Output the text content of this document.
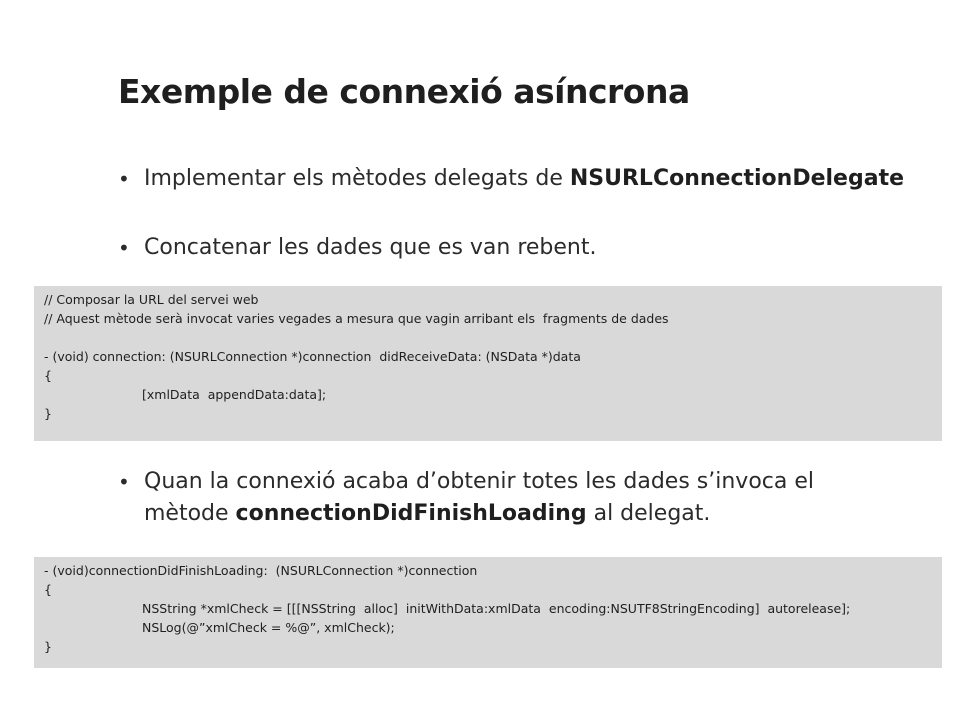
Exemple de connexió asíncrona
• Implementar els mètodes delegats de NSURLConnectionDelegate
• Concatenar les dades que es van rebent.
// Composar la URL del servei web
// Aquest mètode serà invocat varies vegades a mesura que vagin arribant els  fragments de dades
- (void) connection: (NSURLConnection *)connection  didReceiveData: (NSData *)data
{
[xmlData  appendData:data];
}
• Quan la connexió acaba d’obtenir totes les dades s’invoca el
mètode connectionDidFinishLoading al delegat.
- (void)connectionDidFinishLoading:  (NSURLConnection *)connection
{
NSString *xmlCheck = [[[NSString  alloc]  initWithData:xmlData  encoding:NSUTF8StringEncoding]  autorelease];
NSLog(@”xmlCheck = %@”, xmlCheck);
}
